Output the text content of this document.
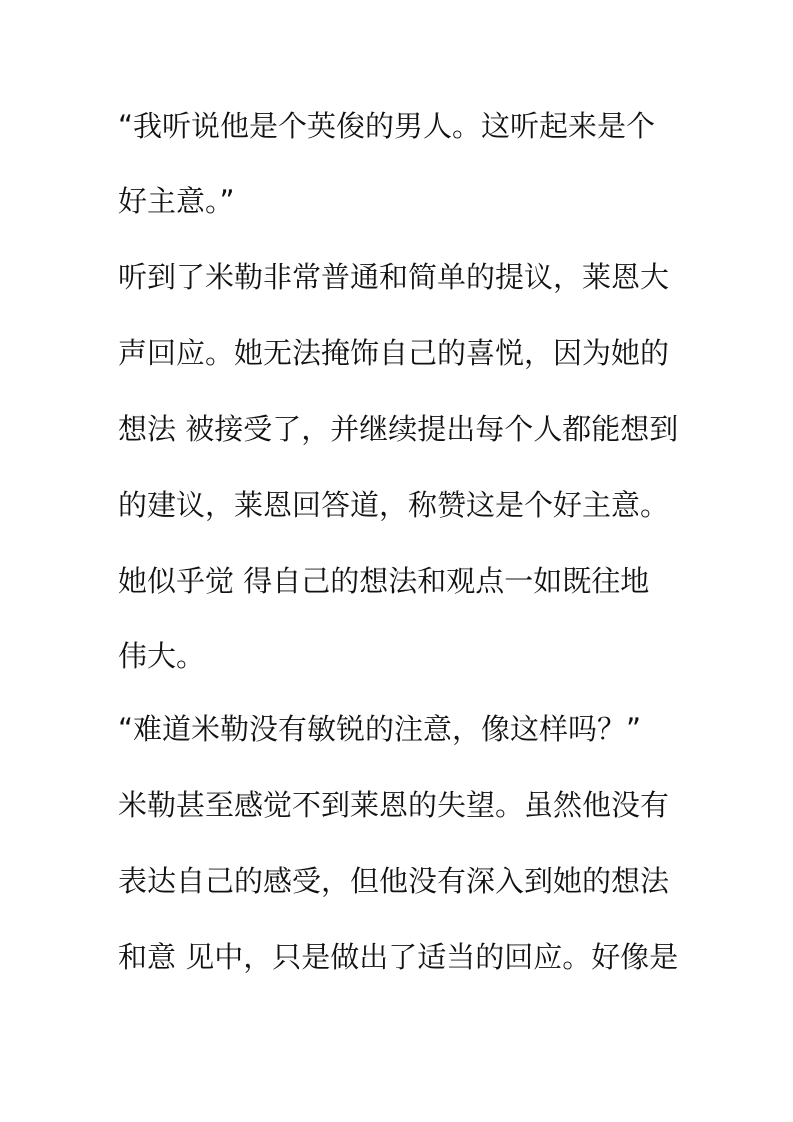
“我听说他是个英俊的男人。这听起来是个

好主意。”

听到了米勒非常普通和简单的提议，莱恩大

声回应。她无法掩饰自己的喜悦，因为她的

想法 被接受了，并继续提出每个人都能想到

的建议，莱恩回答道，称赞这是个好主意。

她似乎觉 得自己的想法和观点一如既往地

伟大。

“难道米勒没有敏锐的注意，像这样吗？”

米勒甚至感觉不到莱恩的失望。虽然他没有

表达自己的感受，但他没有深入到她的想法

和意 见中，只是做出了适当的回应。好像是
